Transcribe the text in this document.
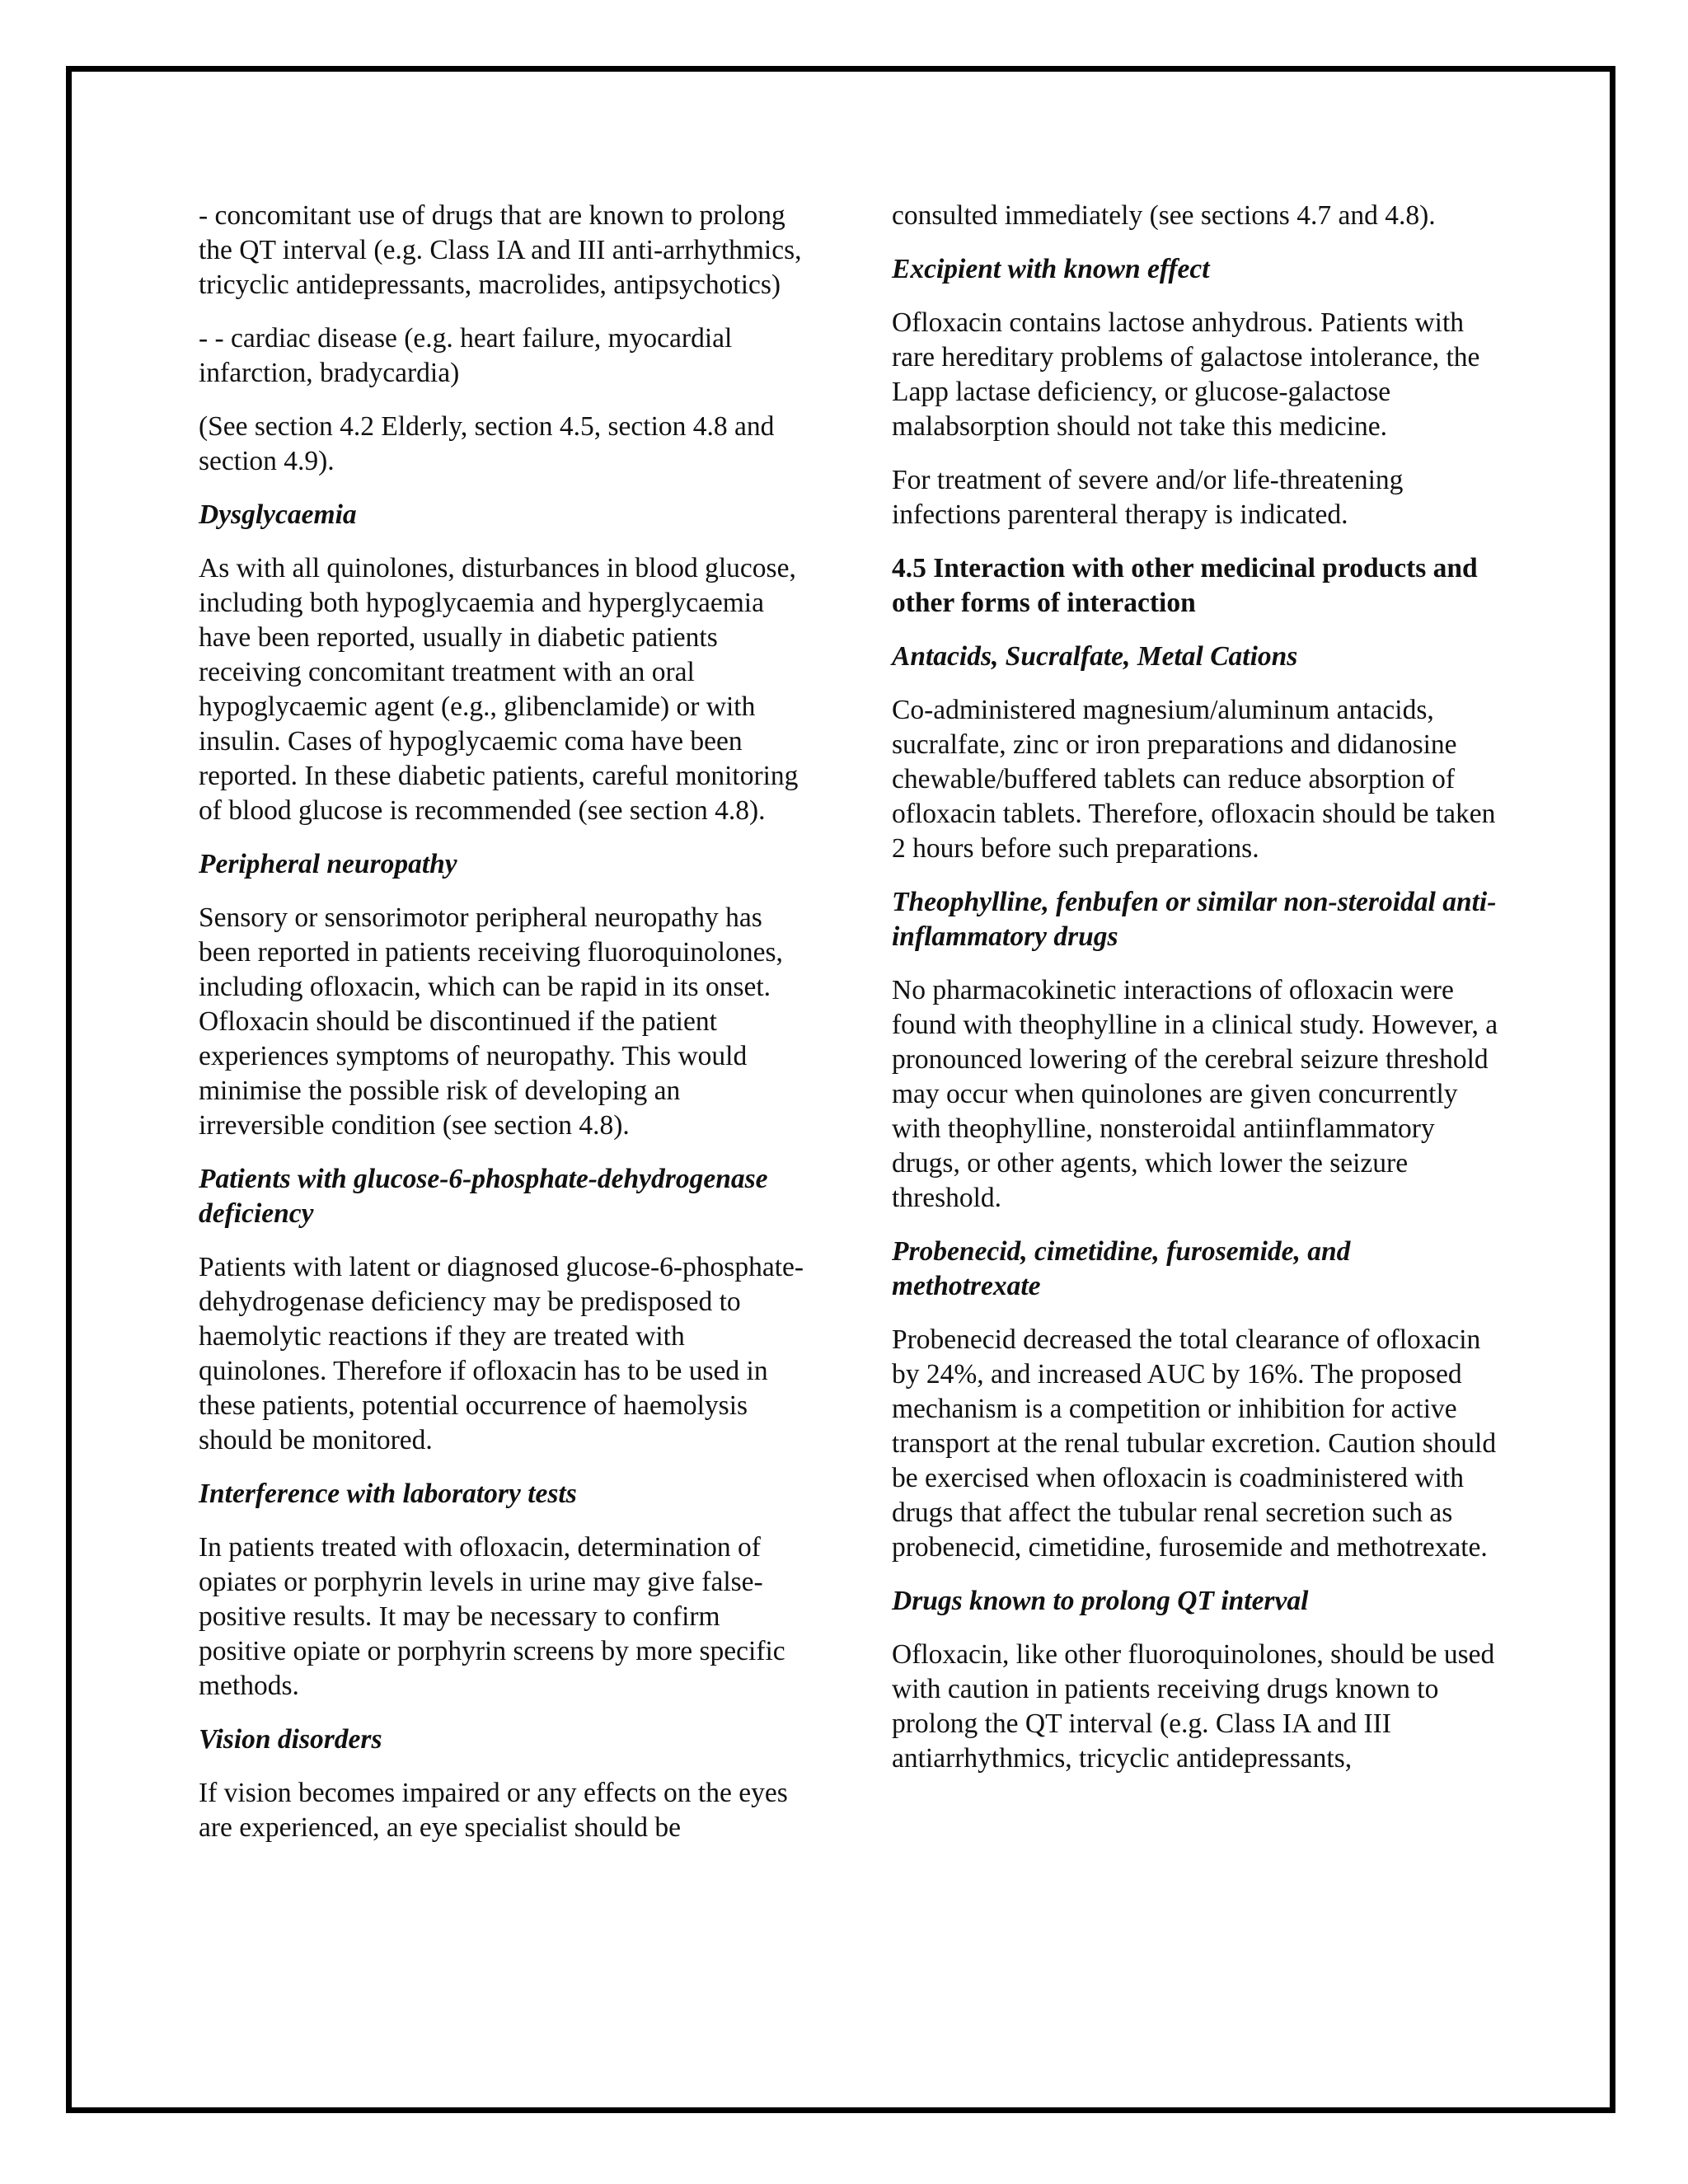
- concomitant use of drugs that are known to prolong the QT interval (e.g. Class IA and III anti-arrhythmics, tricyclic antidepressants, macrolides, antipsychotics)

- - cardiac disease (e.g. heart failure, myocardial infarction, bradycardia)

(See section 4.2 Elderly, section 4.5, section 4.8 and section 4.9).

Dysglycaemia

As with all quinolones, disturbances in blood glucose, including both hypoglycaemia and hyperglycaemia have been reported, usually in diabetic patients receiving concomitant treatment with an oral hypoglycaemic agent (e.g., glibenclamide) or with insulin. Cases of hypoglycaemic coma have been reported. In these diabetic patients, careful monitoring of blood glucose is recommended (see section 4.8).

Peripheral neuropathy

Sensory or sensorimotor peripheral neuropathy has been reported in patients receiving fluoroquinolones, including ofloxacin, which can be rapid in its onset. Ofloxacin should be discontinued if the patient experiences symptoms of neuropathy. This would minimise the possible risk of developing an irreversible condition (see section 4.8).

Patients with glucose-6-phosphate-dehydrogenase deficiency

Patients with latent or diagnosed glucose-6-phosphate-dehydrogenase deficiency may be predisposed to haemolytic reactions if they are treated with quinolones. Therefore if ofloxacin has to be used in these patients, potential occurrence of haemolysis should be monitored.

Interference with laboratory tests

In patients treated with ofloxacin, determination of opiates or porphyrin levels in urine may give false-positive results. It may be necessary to confirm positive opiate or porphyrin screens by more specific methods.

Vision disorders

If vision becomes impaired or any effects on the eyes are experienced, an eye specialist should be

consulted immediately (see sections 4.7 and 4.8).

Excipient with known effect

Ofloxacin contains lactose anhydrous. Patients with rare hereditary problems of galactose intolerance, the Lapp lactase deficiency, or glucose-galactose malabsorption should not take this medicine.

For treatment of severe and/or life-threatening infections parenteral therapy is indicated.

4.5 Interaction with other medicinal products and other forms of interaction
Antacids, Sucralfate, Metal Cations

Co-administered magnesium/aluminum antacids, sucralfate, zinc or iron preparations and didanosine chewable/buffered tablets can reduce absorption of ofloxacin tablets. Therefore, ofloxacin should be taken 2 hours before such preparations.

Theophylline, fenbufen or similar non-steroidal anti-inflammatory drugs

No pharmacokinetic interactions of ofloxacin were found with theophylline in a clinical study. However, a pronounced lowering of the cerebral seizure threshold may occur when quinolones are given concurrently with theophylline, nonsteroidal antiinflammatory drugs, or other agents, which lower the seizure threshold.

Probenecid, cimetidine, furosemide, and methotrexate

Probenecid decreased the total clearance of ofloxacin by 24%, and increased AUC by 16%. The proposed mechanism is a competition or inhibition for active transport at the renal tubular excretion. Caution should be exercised when ofloxacin is coadministered with drugs that affect the tubular renal secretion such as probenecid, cimetidine, furosemide and methotrexate.

Drugs known to prolong QT interval

Ofloxacin, like other fluoroquinolones, should be used with caution in patients receiving drugs known to prolong the QT interval (e.g. Class IA and III antiarrhythmics, tricyclic antidepressants,
